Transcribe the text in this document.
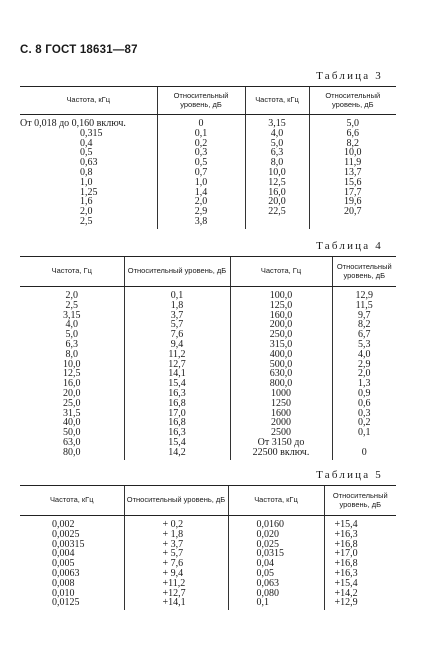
С. 8 ГОСТ 18631—87
Таблица 3
Частота, кГц	Относительный уровень, дБ	Частота, кГц	Относительный уровень, дБ
От 0,018 до 0,160 включ.	0	3,15	5,0
0,315	0,1	4,0	6,6
0,4	0,2	5,0	8,2
0,5	0,3	6,3	10,0
0,63	0,5	8,0	11,9
0,8	0,7	10,0	13,7
1,0	1,0	12,5	15,6
1,25	1,4	16,0	17,7
1,6	2,0	20,0	19,6
2,0	2,9	22,5	20,7
2,5	3,8		
Таблица 4
Частота, Гц	Относительный уровень, дБ	Частота, Гц	Относительный уровень, дБ
2,0	0,1	100,0	12,9
2,5	1,8	125,0	11,5
3,15	3,7	160,0	9,7
4,0	5,7	200,0	8,2
5,0	7,6	250,0	6,7
6,3	9,4	315,0	5,3
8,0	11,2	400,0	4,0
10,0	12,7	500,0	2,9
12,5	14,1	630,0	2,0
16,0	15,4	800,0	1,3
20,0	16,3	1000	0,9
25,0	16,8	1250	0,6
31,5	17,0	1600	0,3
40,0	16,8	2000	0,2
50,0	16,3	2500	0,1
63,0	15,4	От 3150 до	
80,0	14,2	22500 включ.	0
Таблица 5
Частота, кГц	Относительный уровень, дБ	Частота, кГц	Относительный уровень, дБ
0,002	+ 0,2	0,0160	+15,4
0,0025	+ 1,8	0,020	+16,3
0,00315	+ 3,7	0,025	+16,8
0,004	+ 5,7	0,0315	+17,0
0,005	+ 7,6	0,04	+16,8
0,0063	+ 9,4	0,05	+16,3
0,008	+11,2	0,063	+15,4
0,010	+12,7	0,080	+14,2
0,0125	+14,1	0,1	+12,9
